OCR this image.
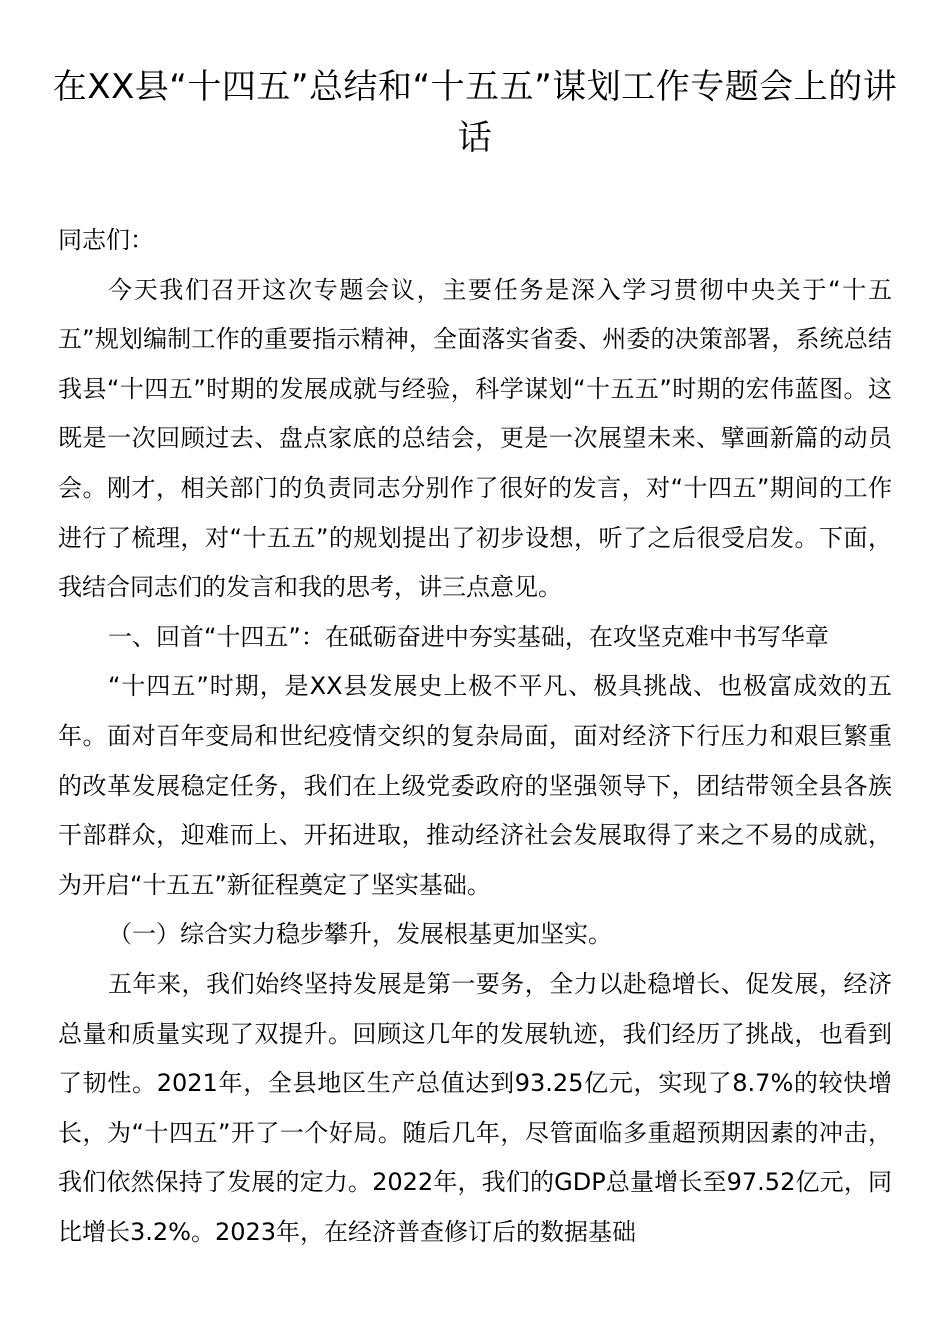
在XX县“十四五”总结和“十五五”谋划工作专题会上的讲话

同志们：

今天我们召开这次专题会议，主要任务是深入学习贯彻中央关于“十五五”规划编制工作的重要指示精神，全面落实省委、州委的决策部署，系统总结我县“十四五”时期的发展成就与经验，科学谋划“十五五”时期的宏伟蓝图。这既是一次回顾过去、盘点家底的总结会，更是一次展望未来、擘画新篇的动员会。刚才，相关部门的负责同志分别作了很好的发言，对“十四五”期间的工作进行了梳理，对“十五五”的规划提出了初步设想，听了之后很受启发。下面，我结合同志们的发言和我的思考，讲三点意见。

一、回首“十四五”：在砥砺奋进中夯实基础，在攻坚克难中书写华章

“十四五”时期，是XX县发展史上极不平凡、极具挑战、也极富成效的五年。面对百年变局和世纪疫情交织的复杂局面，面对经济下行压力和艰巨繁重的改革发展稳定任务，我们在上级党委政府的坚强领导下，团结带领全县各族干部群众，迎难而上、开拓进取，推动经济社会发展取得了来之不易的成就，为开启“十五五”新征程奠定了坚实基础。

（一）综合实力稳步攀升，发展根基更加坚实。

五年来，我们始终坚持发展是第一要务，全力以赴稳增长、促发展，经济总量和质量实现了双提升。回顾这几年的发展轨迹，我们经历了挑战，也看到了韧性。2021年，全县地区生产总值达到93.25亿元，实现了8.7%的较快增长，为“十四五”开了一个好局。随后几年，尽管面临多重超预期因素的冲击，我们依然保持了发展的定力。2022年，我们的GDP总量增长至97.52亿元，同比增长3.2%。2023年，在经济普查修订后的数据基础
